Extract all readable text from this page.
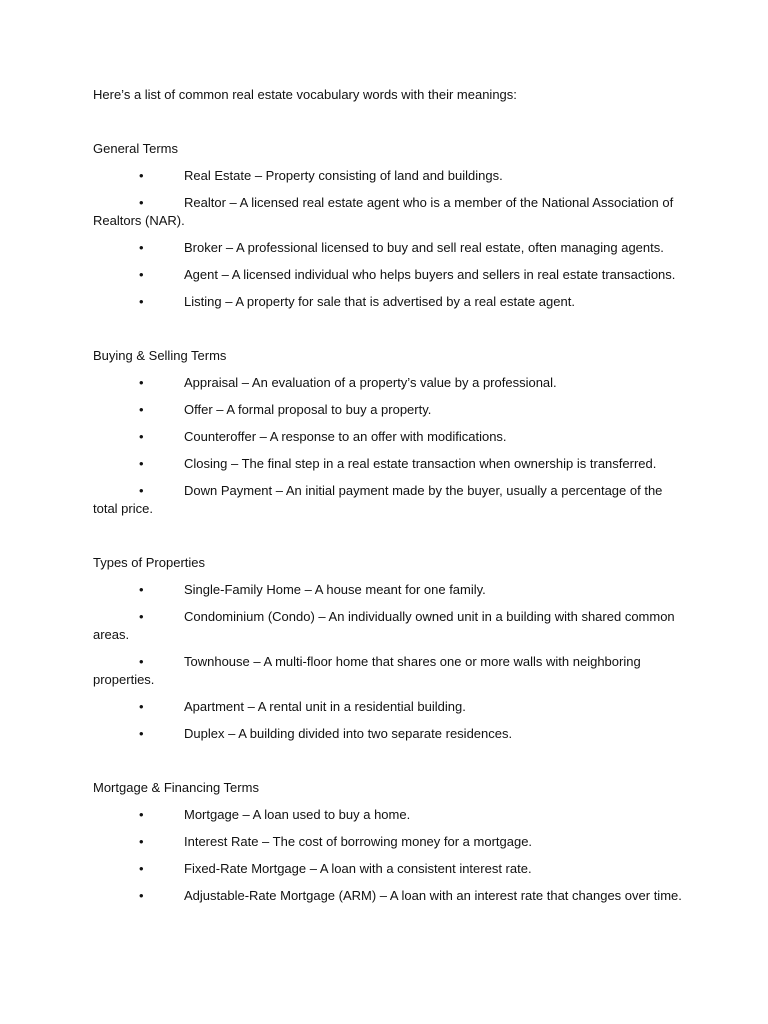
Here’s a list of common real estate vocabulary words with their meanings:

General Terms

•	Real Estate – Property consisting of land and buildings.

•	Realtor – A licensed real estate agent who is a member of the National Association of Realtors (NAR).

•	Broker – A professional licensed to buy and sell real estate, often managing agents.

•	Agent – A licensed individual who helps buyers and sellers in real estate transactions.

•	Listing – A property for sale that is advertised by a real estate agent.

Buying & Selling Terms

•	Appraisal – An evaluation of a property’s value by a professional.

•	Offer – A formal proposal to buy a property.

•	Counteroffer – A response to an offer with modifications.

•	Closing – The final step in a real estate transaction when ownership is transferred.

•	Down Payment – An initial payment made by the buyer, usually a percentage of the total price.

Types of Properties

•	Single-Family Home – A house meant for one family.

•	Condominium (Condo) – An individually owned unit in a building with shared common areas.

•	Townhouse – A multi-floor home that shares one or more walls with neighboring properties.

•	Apartment – A rental unit in a residential building.

•	Duplex – A building divided into two separate residences.

Mortgage & Financing Terms

•	Mortgage – A loan used to buy a home.

•	Interest Rate – The cost of borrowing money for a mortgage.

•	Fixed-Rate Mortgage – A loan with a consistent interest rate.

•	Adjustable-Rate Mortgage (ARM) – A loan with an interest rate that changes over time.
